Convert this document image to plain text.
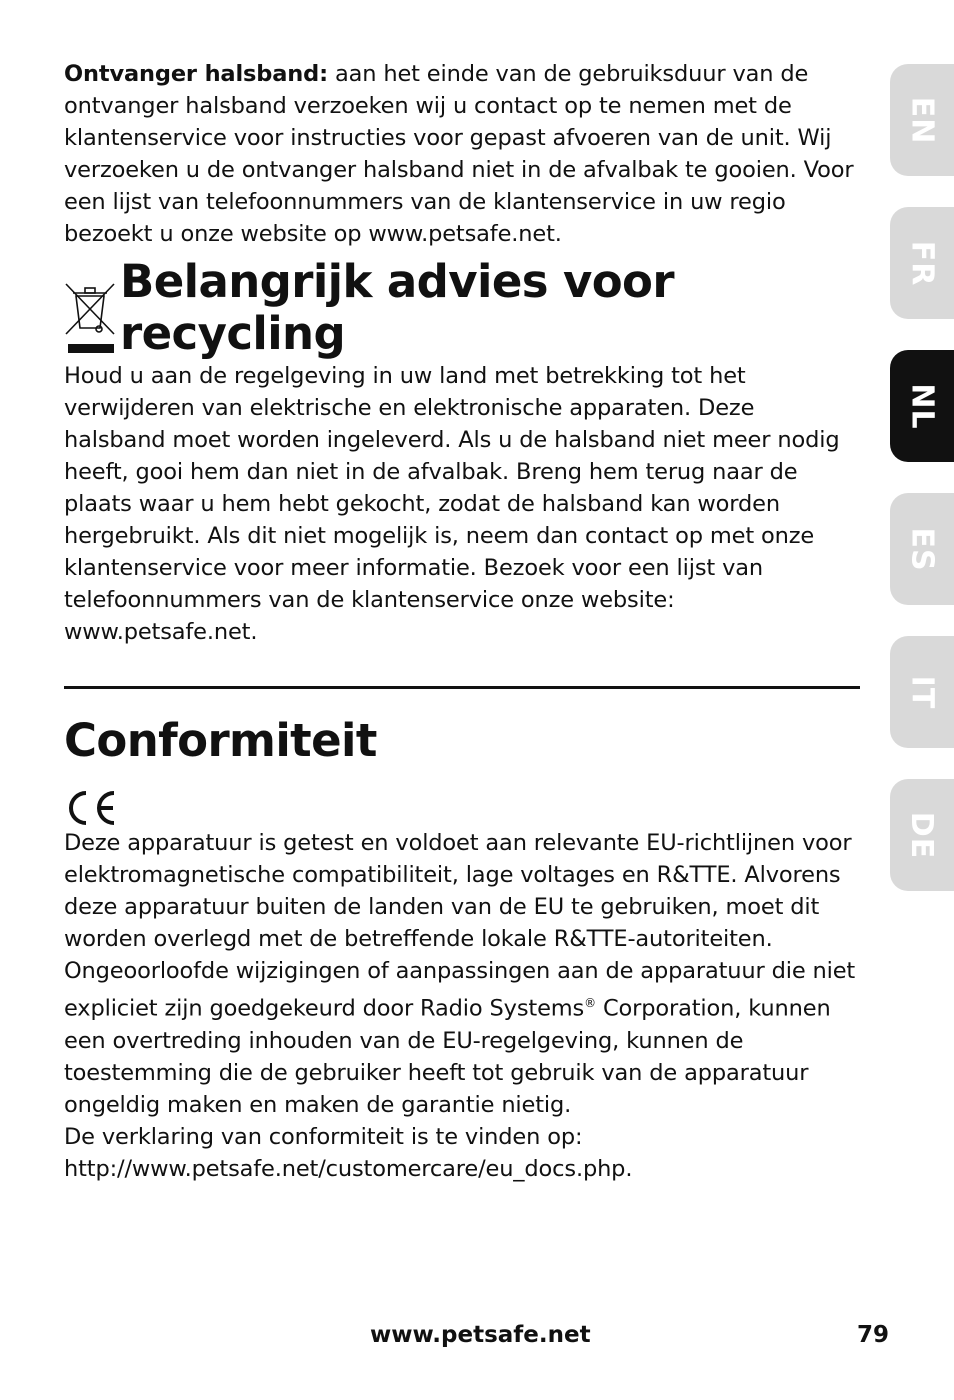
Ontvanger halsband: aan het einde van de gebruiksduur van de ontvanger halsband verzoeken wij u contact op te nemen met de klantenservice voor instructies voor gepast afvoeren van de unit. Wij verzoeken u de ontvanger halsband niet in de afvalbak te gooien. Voor een lijst van telefoonnummers van de klantenservice in uw regio bezoekt u onze website op www.petsafe.net.

Belangrijk advies voor recycling

Houd u aan de regelgeving in uw land met betrekking tot het verwijderen van elektrische en elektronische apparaten. Deze halsband moet worden ingeleverd. Als u de halsband niet meer nodig heeft, gooi hem dan niet in de afvalbak. Breng hem terug naar de plaats waar u hem hebt gekocht, zodat de halsband kan worden hergebruikt. Als dit niet mogelijk is, neem dan contact op met onze klantenservice voor meer informatie. Bezoek voor een lijst van telefoonnummers van de klantenservice onze website: www.petsafe.net.

Conformiteit

Deze apparatuur is getest en voldoet aan relevante EU-richtlijnen voor elektromagnetische compatibiliteit, lage voltages en R&TTE. Alvorens deze apparatuur buiten de landen van de EU te gebruiken, moet dit worden overlegd met de betreffende lokale R&TTE-autoriteiten. Ongeoorloofde wijzigingen of aanpassingen aan de apparatuur die niet expliciet zijn goedgekeurd door Radio Systems® Corporation, kunnen een overtreding inhouden van de EU-regelgeving, kunnen de toestemming die de gebruiker heeft tot gebruik van de apparatuur ongeldig maken en maken de garantie nietig.

De verklaring van conformiteit is te vinden op:
http://www.petsafe.net/customercare/eu_docs.php.

EN
FR
NL
ES
IT
DE
www.petsafe.net	79
